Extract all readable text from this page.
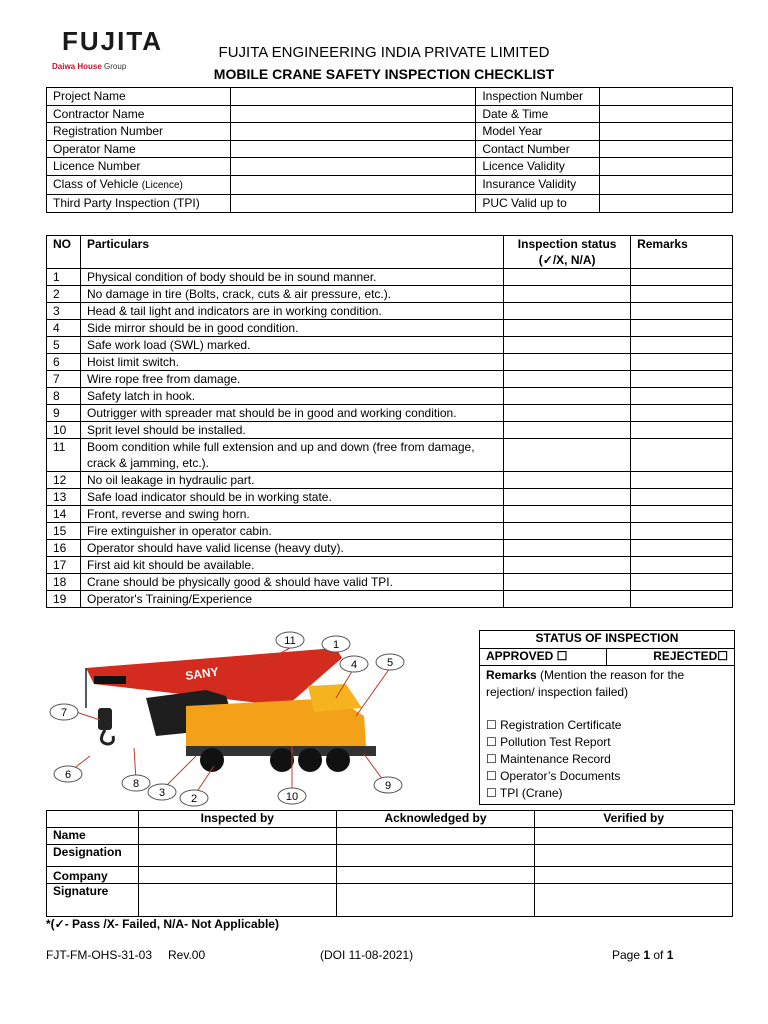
FUJITA
Daiwa House Group
FUJITA ENGINEERING INDIA PRIVATE LIMITED
MOBILE CRANE SAFETY INSPECTION CHECKLIST
Project Name		Inspection Number	
Contractor Name		Date & Time	
Registration Number		Model Year	
Operator Name		Contact Number	
Licence Number		Licence Validity	
Class of Vehicle (Licence)		Insurance Validity	
Third Party Inspection (TPI)		PUC Valid up to	
NO	Particulars	Inspection status
(✓/X, N/A)	Remarks
1	Physical condition of body should be in sound manner.		
2	No damage in tire (Bolts, crack, cuts & air pressure, etc.).		
3	Head & tail light and indicators are in working condition.		
4	Side mirror should be in good condition.		
5	Safe work load (SWL) marked.		
6	Hoist limit switch.		
7	Wire rope free from damage.		
8	Safety latch in hook.		
9	Outrigger with spreader mat should be in good and working condition.		
10	Sprit level should be installed.		
11	Boom condition while full extension and up and down (free from damage, crack & jamming, etc.).		
12	No oil leakage in hydraulic part.		
13	Safe load indicator should be in working state.		
14	Front, reverse and swing horn.		
15	Fire extinguisher in operator cabin.		
16	Operator should have valid license (heavy duty).		
17	First aid kit should be available.		
18	Crane should be physically good & should have valid TPI.		
19	Operator's Training/Experience		
SANY
11	1
4	5
7
6
8
3 2	10
9
STATUS OF INSPECTION
APPROVED ☐	REJECTED☐

Remarks (Mention the reason for the
rejection/ inspection failed)
☐ Registration Certificate
☐ Pollution Test Report
☐ Maintenance Record
☐ Operator’s Documents
☐ TPI (Crane)
	Inspected by	Acknowledged by	Verified by
Name			
Designation			
Company			
Signature			
*(✓- Pass /X- Failed, N/A- Not Applicable)
FJT-FM-OHS-31-03 Rev.00	(DOI 11-08-2021)	Page 1 of 1
